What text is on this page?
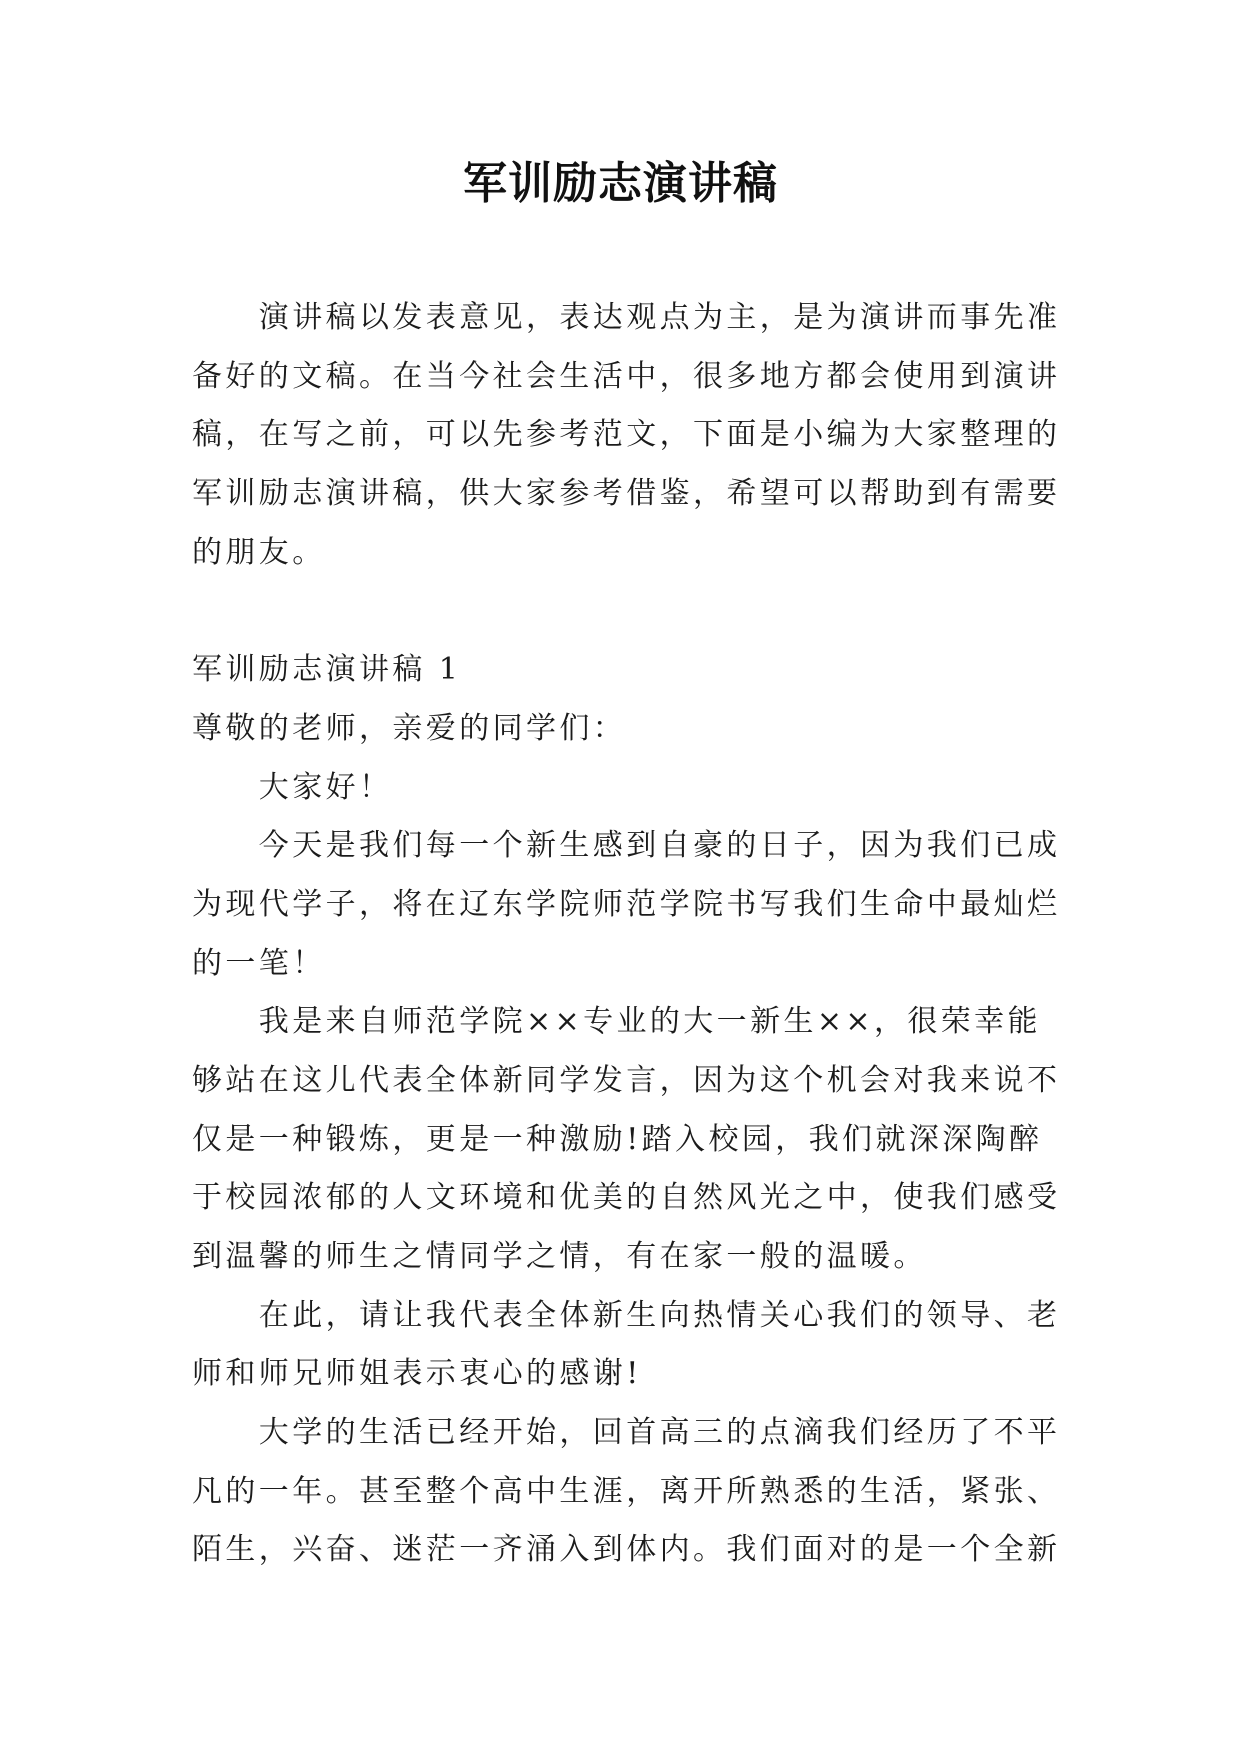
军训励志演讲稿
演讲稿以发表意见，表达观点为主，是为演讲而事先准
备好的文稿。在当今社会生活中，很多地方都会使用到演讲
稿，在写之前，可以先参考范文，下面是小编为大家整理的
军训励志演讲稿，供大家参考借鉴，希望可以帮助到有需要
的朋友。
军训励志演讲稿 1
尊敬的老师，亲爱的同学们：
大家好！
今天是我们每一个新生感到自豪的日子，因为我们已成
为现代学子，将在辽东学院师范学院书写我们生命中最灿烂
的一笔！
我是来自师范学院××专业的大一新生××，很荣幸能
够站在这儿代表全体新同学发言，因为这个机会对我来说不
仅是一种锻炼，更是一种激励!踏入校园，我们就深深陶醉
于校园浓郁的人文环境和优美的自然风光之中，使我们感受
到温馨的师生之情同学之情，有在家一般的温暖。
在此，请让我代表全体新生向热情关心我们的领导、老
师和师兄师姐表示衷心的感谢!
大学的生活已经开始，回首高三的点滴我们经历了不平
凡的一年。甚至整个高中生涯，离开所熟悉的生活，紧张、
陌生，兴奋、迷茫一齐涌入到体内。我们面对的是一个全新
